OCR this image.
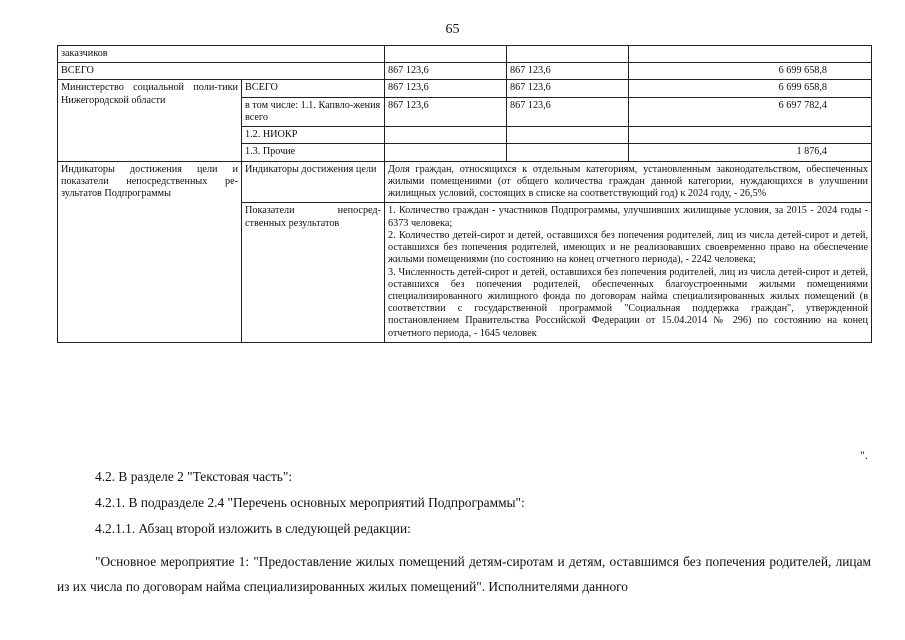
65
заказчиков				
ВСЕГО		867 123,6	867 123,6	6 699 658,8
Министерство социальной поли-тики Нижегородской области	ВСЕГО	867 123,6	867 123,6	6 699 658,8
	в том числе: 1.1. Капвло-жения всего	867 123,6	867 123,6	6 697 782,4
	1.2. НИОКР			
	1.3. Прочие			1 876,4
Индикаторы достижения цели и показатели непосредственных ре-зультатов Подпрограммы	Индикаторы достижения цели	Доля граждан, относящихся к отдельным категориям, установленным законодательством, обеспеченных жилыми помещениями (от общего количества граждан данной категории, нуждающихся в улучшении жилищных условий, состоящих в списке на соответствующий год) к 2024 году, - 26,5%		
	Показатели непосред-ственных результатов	1. Количество граждан - участников Подпрограммы, улучшивших жилищные условия, за 2015 - 2024 годы - 6373 человека;
2. Количество детей-сирот и детей, оставшихся без попечения родителей, лиц из числа детей-сирот и детей, оставшихся без попечения родителей, имеющих и не реализовавших своевременно право на обеспечение жилыми помещениями (по состоянию на конец отчетного периода), - 2242 человека;
3. Численность детей-сирот и детей, оставшихся без попечения родителей, лиц из числа детей-сирот и детей, оставшихся без попечения родителей, обеспеченных благоустроенными жилыми помещениями специализированного жилищного фонда по договорам найма специализированных жилых помещений (в соответствии с государственной программой "Социальная поддержка граждан", утвержденной постановлением Правительства Российской Федерации от 15.04.2014 № 296) по состоянию на конец отчетного периода, - 1645 человек		
".
4.2. В разделе 2 "Текстовая часть":
4.2.1. В подразделе 2.4 "Перечень основных мероприятий Подпрограммы":
4.2.1.1. Абзац второй изложить в следующей редакции:
"Основное мероприятие 1: "Предоставление жилых помещений детям-сиротам и детям, оставшимся без попечения родителей, лицам из их числа по договорам найма специализированных жилых помещений". Исполнителями данного
